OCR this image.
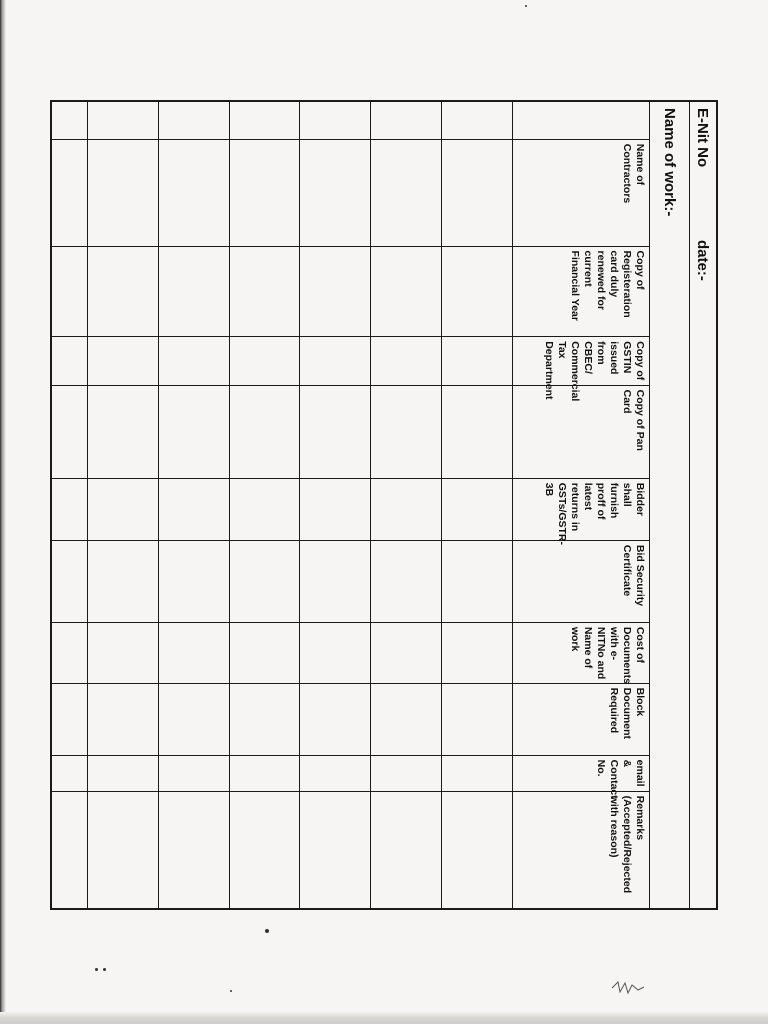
E-Nit No
date:-
Name of work:-
	Name of Contractors	Copy of Registeration card duly renewed for current Financial Year	Copy of GSTIN issued from CBEC/ Commercial Tax Department	Copy of Pan Card	Bidder shall furnish proff of latest returns in GSTs/GSTR-3B	Bid Security Certificate	Cost of Documents with e-NITNo and Name of work	Block Document Required	email & Contact No.	Remarks (Accepted/Rejected with reason)
